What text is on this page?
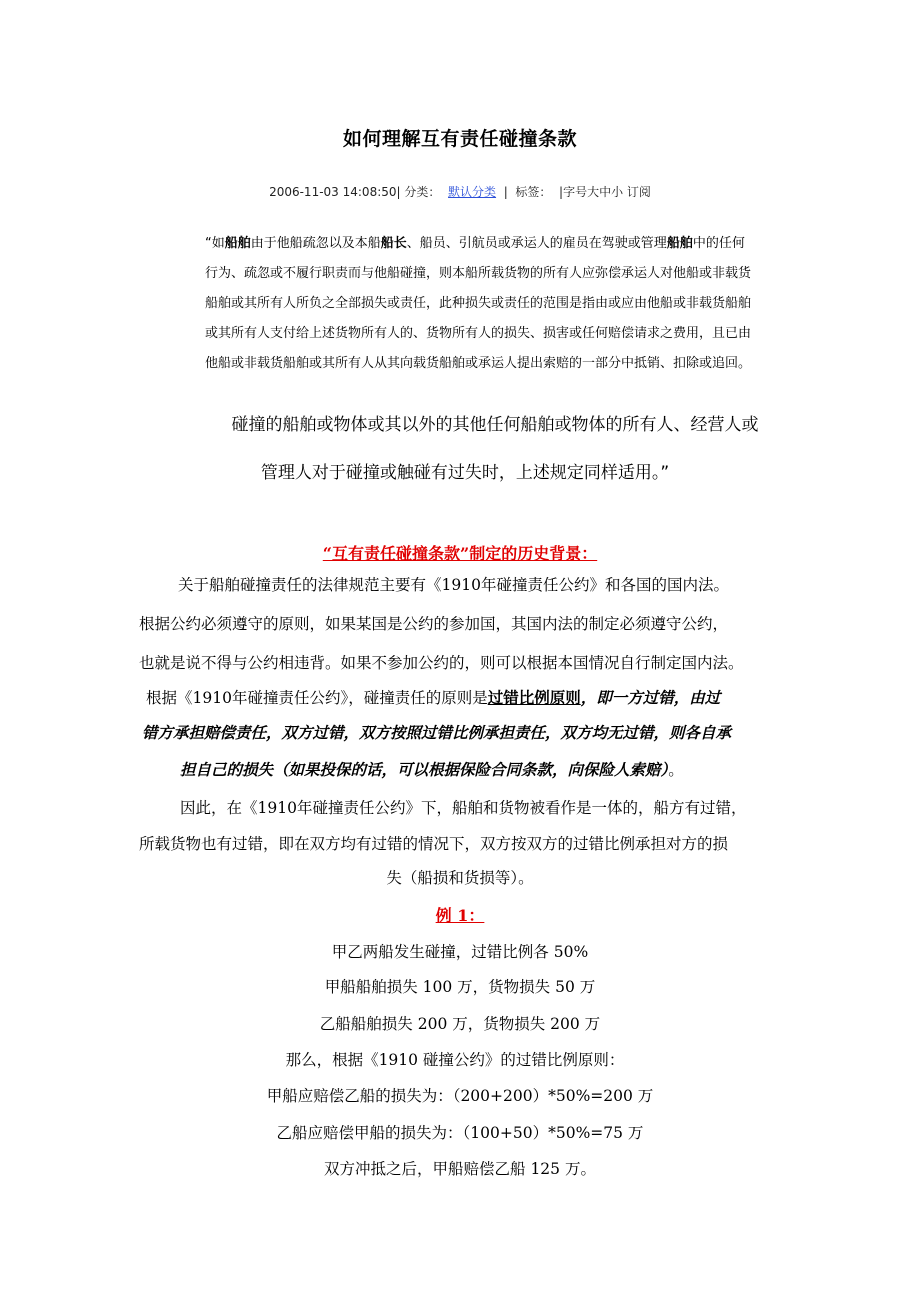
如何理解互有责任碰撞条款
2006-11-03 14:08:50| 分类： 默认分类 | 标签： |字号大中小 订阅
“如船舶由于他船疏忽以及本船船长、船员、引航员或承运人的雇员在驾驶或管理船舶中的任何
行为、疏忽或不履行职责而与他船碰撞，则本船所载货物的所有人应弥偿承运人对他船或非载货
船舶或其所有人所负之全部损失或责任，此种损失或责任的范围是指由或应由他船或非载货船舶
或其所有人支付给上述货物所有人的、货物所有人的损失、损害或任何赔偿请求之费用，且已由
他船或非载货船舶或其所有人从其向载货船舶或承运人提出索赔的一部分中抵销、扣除或追回。
碰撞的船舶或物体或其以外的其他任何船舶或物体的所有人、经营人或
管理人对于碰撞或触碰有过失时，上述规定同样适用。”
“互有责任碰撞条款”制定的历史背景：
关于船舶碰撞责任的法律规范主要有《1910年碰撞责任公约》和各国的国内法。
根据公约必须遵守的原则，如果某国是公约的参加国，其国内法的制定必须遵守公约，
也就是说不得与公约相违背。如果不参加公约的，则可以根据本国情况自行制定国内法。
根据《1910年碰撞责任公约》，碰撞责任的原则是过错比例原则，即一方过错，由过
错方承担赔偿责任，双方过错，双方按照过错比例承担责任，双方均无过错，则各自承
担自己的损失（如果投保的话，可以根据保险合同条款，向保险人索赔）。
因此，在《1910年碰撞责任公约》下，船舶和货物被看作是一体的，船方有过错，
所载货物也有过错，即在双方均有过错的情况下，双方按双方的过错比例承担对方的损
失（船损和货损等）。
例 1：
甲乙两船发生碰撞，过错比例各 50%
甲船船舶损失 100 万，货物损失 50 万
乙船船舶损失 200 万，货物损失 200 万
那么，根据《1910 碰撞公约》的过错比例原则：
甲船应赔偿乙船的损失为：（200+200）*50%=200 万
乙船应赔偿甲船的损失为：（100+50）*50%=75 万
双方冲抵之后，甲船赔偿乙船 125 万。
